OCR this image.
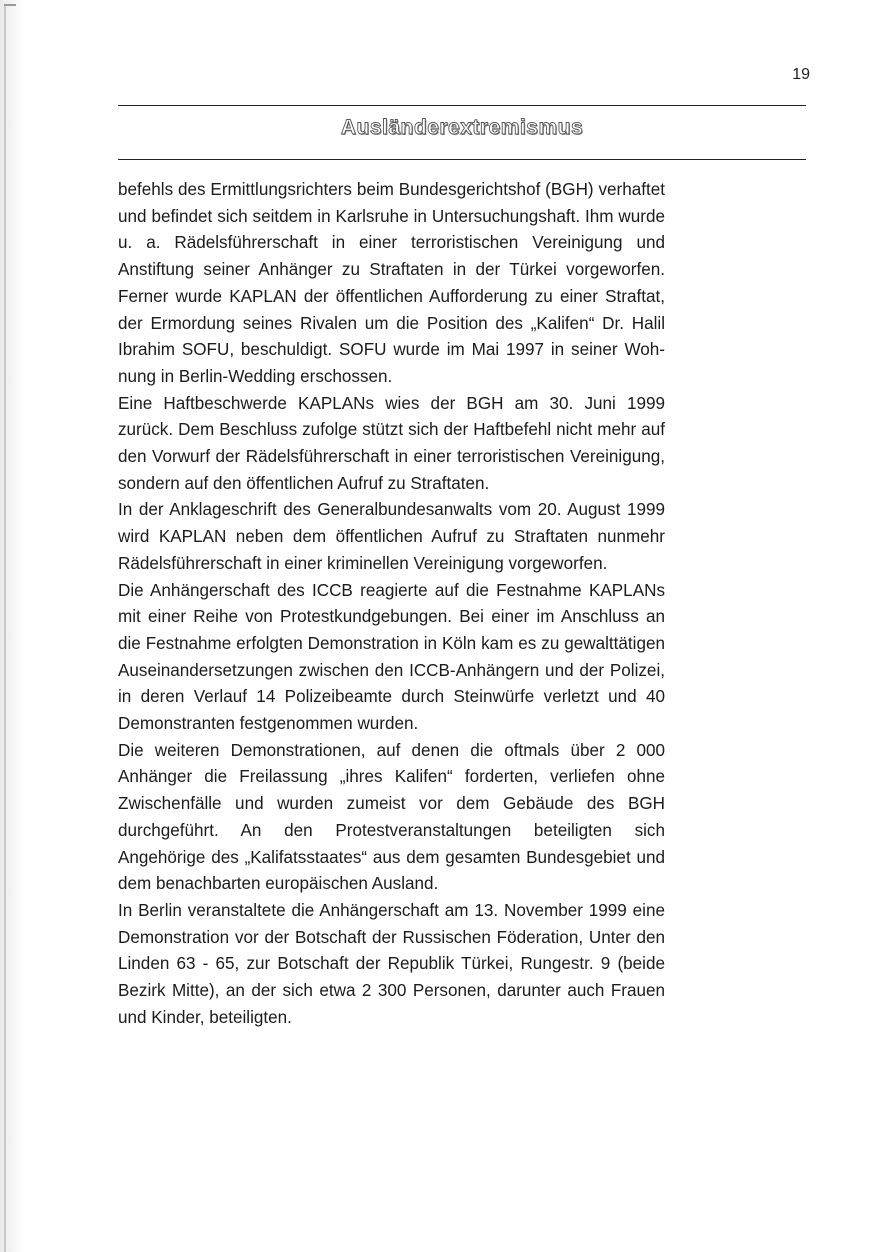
19
Ausländerextremismus

befehls des Ermittlungsrichters beim Bundesgerichtshof (BGH) verhaftet und befindet sich seitdem in Karlsruhe in Untersuchungshaft. Ihm wurde u. a. Rädelsführerschaft in einer terroristischen Vereinigung und Anstiftung seiner Anhänger zu Straftaten in der Türkei vorgeworfen. Ferner wurde KAPLAN der öffentlichen Aufforderung zu einer Straftat, der Ermordung seines Rivalen um die Position des „Kalifen“ Dr. Halil Ibrahim SOFU, beschuldigt. SOFU wurde im Mai 1997 in seiner Wohnung in Berlin-Wedding erschossen.

Eine Haftbeschwerde KAPLANs wies der BGH am 30. Juni 1999 zurück. Dem Beschluss zufolge stützt sich der Haftbefehl nicht mehr auf den Vorwurf der Rädelsführerschaft in einer terroristischen Vereinigung, sondern auf den öffentlichen Aufruf zu Straftaten.

In der Anklageschrift des Generalbundesanwalts vom 20. August 1999 wird KAPLAN neben dem öffentlichen Aufruf zu Straftaten nunmehr Rädelsführerschaft in einer kriminellen Vereinigung vorgeworfen.

Die Anhängerschaft des ICCB reagierte auf die Festnahme KAPLANs mit einer Reihe von Protestkundgebungen. Bei einer im Anschluss an die Festnahme erfolgten Demonstration in Köln kam es zu gewalttätigen Auseinandersetzungen zwischen den ICCB-Anhängern und der Polizei, in deren Verlauf 14 Polizeibeamte durch Steinwürfe verletzt und 40 Demonstranten festgenommen wurden.

Die weiteren Demonstrationen, auf denen die oftmals über 2 000 Anhänger die Freilassung „ihres Kalifen“ forderten, verliefen ohne Zwischenfälle und wurden zumeist vor dem Gebäude des BGH durchgeführt. An den Protestveranstaltungen beteiligten sich Angehörige des „Kalifatsstaates“ aus dem gesamten Bundesgebiet und dem benachbarten europäischen Ausland.

In Berlin veranstaltete die Anhängerschaft am 13. November 1999 eine Demonstration vor der Botschaft der Russischen Föderation, Unter den Linden 63 - 65, zur Botschaft der Republik Türkei, Rungestr. 9 (beide Bezirk Mitte), an der sich etwa 2 300 Personen, darunter auch Frauen und Kinder, beteiligten.
